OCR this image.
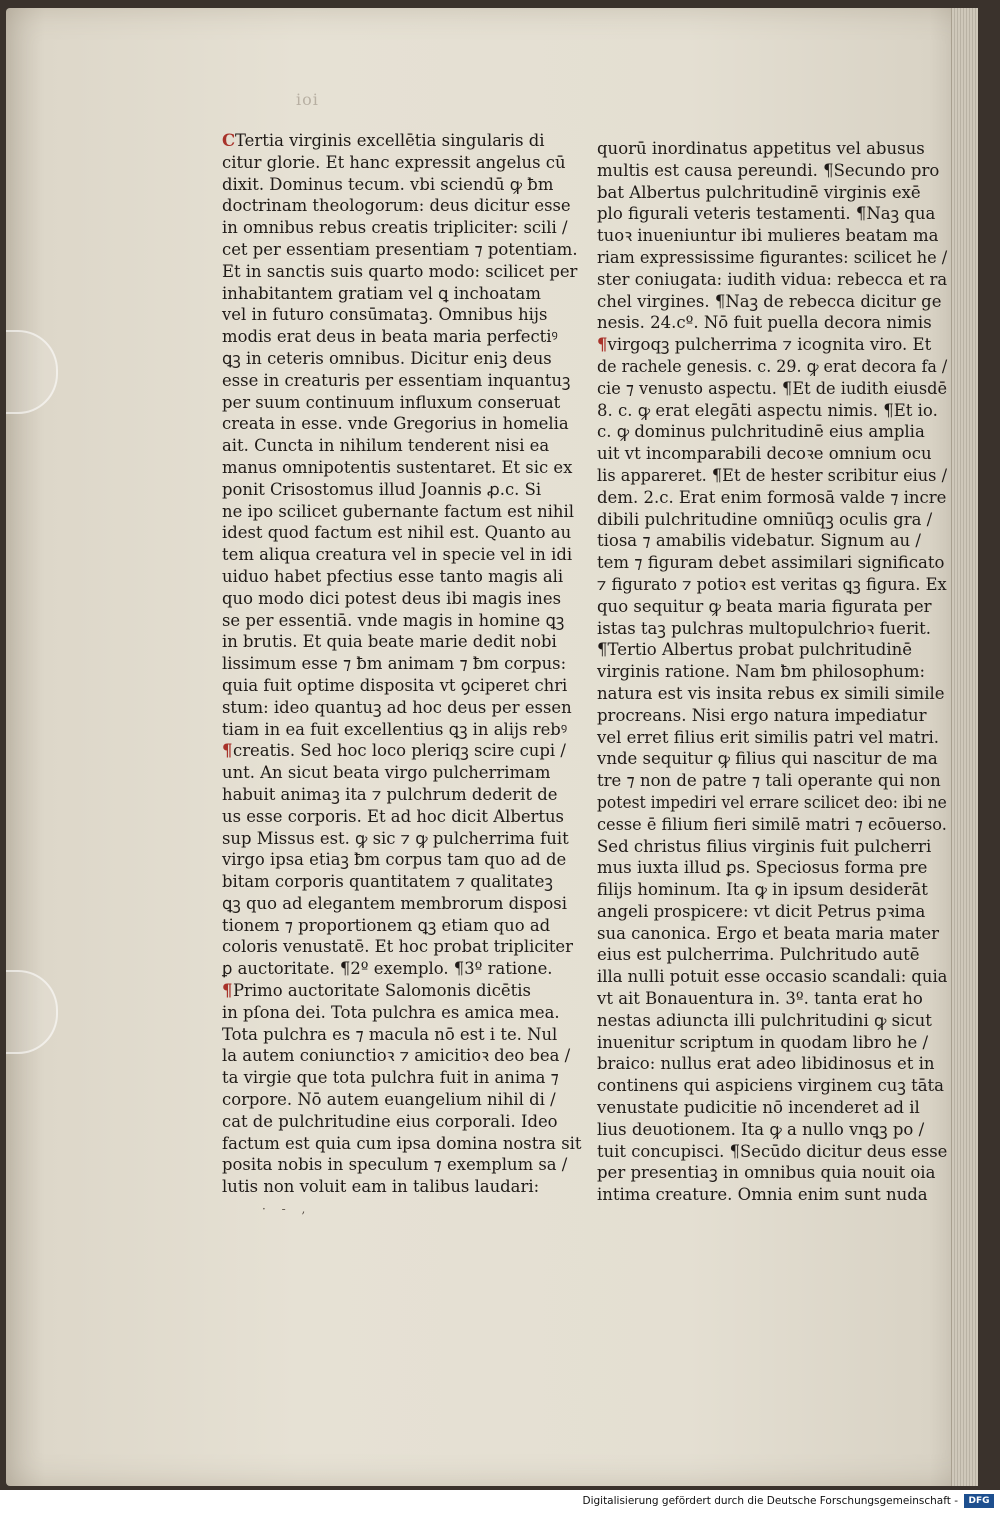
ioi
CTertia virginis excellētia singularis di
citur glorie. Et hanc expressit angelus cū
dixit. Dominus tecum. vbi sciendū ꝙ ƀm
doctrinam theologorum: deus dicitur esse
in omnibus rebus creatis tripliciter: scili /
cet per essentiam presentiam ⁊ potentiam.
Et in sanctis suis quarto modo: scilicet per
inhabitantem gratiam vel ꝗ inchoatam
vel in futuro consūmataꝫ. Omnibus hijs
modis erat deus in beata maria perfectiꝰ
ꝗꝫ in ceteris omnibus. Dicitur eniꝫ deus
esse in creaturis per essentiam inquantuꝫ
per suum continuum influxum conseruat
creata in esse. vnde Gregorius in homelia
ait. Cuncta in nihilum tenderent nisi ea
manus omnipotentis sustentaret. Et sic ex
ponit Crisostomus illud Joannis ꝓ.c. Si
ne ipo scilicet gubernante factum est nihil
idest quod factum est nihil est. Quanto au
tem aliqua creatura vel in specie vel in idi
uiduo habet pfectius esse tanto magis ali
quo modo dici potest deus ibi magis ines
se per essentiā. vnde magis in homine ꝗꝫ
in brutis. Et quia beate marie dedit nobi
lissimum esse ⁊ ƀm animam ⁊ ƀm corpus:
quia fuit optime disposita vt ꝯciperet chri
stum: ideo quantuꝫ ad hoc deus per essen
tiam in ea fuit excellentius ꝗꝫ in alijs rebꝰ
¶creatis. Sed hoc loco pleriqꝫ scire cupi /
unt. An sicut beata virgo pulcherrimam
habuit animaꝫ ita ⁊ pulchrum dederit de
us esse corporis. Et ad hoc dicit Albertus
sup Missus est. ꝙ sic ⁊ ꝙ pulcherrima fuit
virgo ipsa etiaꝫ ƀm corpus tam quo ad de
bitam corporis quantitatem ⁊ qualitateꝫ
ꝗꝫ quo ad elegantem membrorum disposi
tionem ⁊ proportionem ꝗꝫ etiam quo ad
coloris venustatē. Et hoc probat tripliciter
ꝑ auctoritate. ¶2º exemplo. ¶3º ratione.
¶Primo auctoritate Salomonis dicētis
in pſona dei. Tota pulchra es amica mea.
Tota pulchra es ⁊ macula nō est i te. Nul
la autem coniunctioꝛ ⁊ amicitioꝛ deo bea /
ta virgie que tota pulchra fuit in anima ⁊
corpore. Nō autem euangelium nihil di /
cat de pulchritudine eius corporali. Ideo
factum est quia cum ipsa domina nostra sit
posita nobis in speculum ⁊ exemplum sa /
lutis non voluit eam in talibus laudari:
quorū inordinatus appetitus vel abusus
multis est causa pereundi. ¶Secundo pro
bat Albertus pulchritudinē virginis exē
plo figurali veteris testamenti. ¶Naꝫ qua
tuoꝛ inueniuntur ibi mulieres beatam ma
riam expressissime figurantes: scilicet he /
ster coniugata: iudith vidua: rebecca et ra
chel virgines. ¶Naꝫ de rebecca dicitur ge
nesis. 24.cº. Nō fuit puella decora nimis
¶virgoqꝫ pulcherrima ⁊ icognita viro. Et
de rachele genesis. c. 29. ꝙ erat decora fa /
cie ⁊ venusto aspectu. ¶Et de iudith eiusdē
8. c. ꝙ erat elegāti aspectu nimis. ¶Et io.
c. ꝙ dominus pulchritudinē eius amplia
uit vt incomparabili decoꝛe omnium ocu
lis appareret. ¶Et de hester scribitur eius /
dem. 2.c. Erat enim formosā valde ⁊ incre
dibili pulchritudine omniūqꝫ oculis gra /
tiosa ⁊ amabilis videbatur. Signum au /
tem ⁊ figuram debet assimilari significato
⁊ figurato ⁊ potioꝛ est veritas ꝗꝫ figura. Ex
quo sequitur ꝙ beata maria figurata per
istas taꝫ pulchras multopulchrioꝛ fuerit.
¶Tertio Albertus probat pulchritudinē
virginis ratione. Nam ƀm philosophum:
natura est vis insita rebus ex simili simile
procreans. Nisi ergo natura impediatur
vel erret filius erit similis patri vel matri.
vnde sequitur ꝙ filius qui nascitur de ma
tre ⁊ non de patre ⁊ tali operante qui non
potest impediri vel errare scilicet deo: ibi ne
cesse ē filium fieri similē matri ⁊ ecōuerso.
Sed christus filius virginis fuit pulcherri
mus iuxta illud ꝑs. Speciosus forma pre
filijs hominum. Ita ꝙ in ipsum desiderāt
angeli prospicere: vt dicit Petrus pꝛima
sua canonica. Ergo et beata maria mater
eius est pulcherrima. Pulchritudo autē
illa nulli potuit esse occasio scandali: quia
vt ait Bonauentura in. 3º. tanta erat ho
nestas adiuncta illi pulchritudini ꝙ sicut
inuenitur scriptum in quodam libro he /
braico: nullus erat adeo libidinosus et in
continens qui aspiciens virginem cuꝫ tāta
venustate pudicitie nō incenderet ad il
lius deuotionem. Ita ꝙ a nullo vnꝗꝫ po /
tuit concupisci. ¶Secūdo dicitur deus esse
per presentiaꝫ in omnibus quia nouit oia
intima creature. Omnia enim sunt nuda
· - ,
Digitalisierung gefördert durch die Deutsche Forschungsgemeinschaft -	DFG
